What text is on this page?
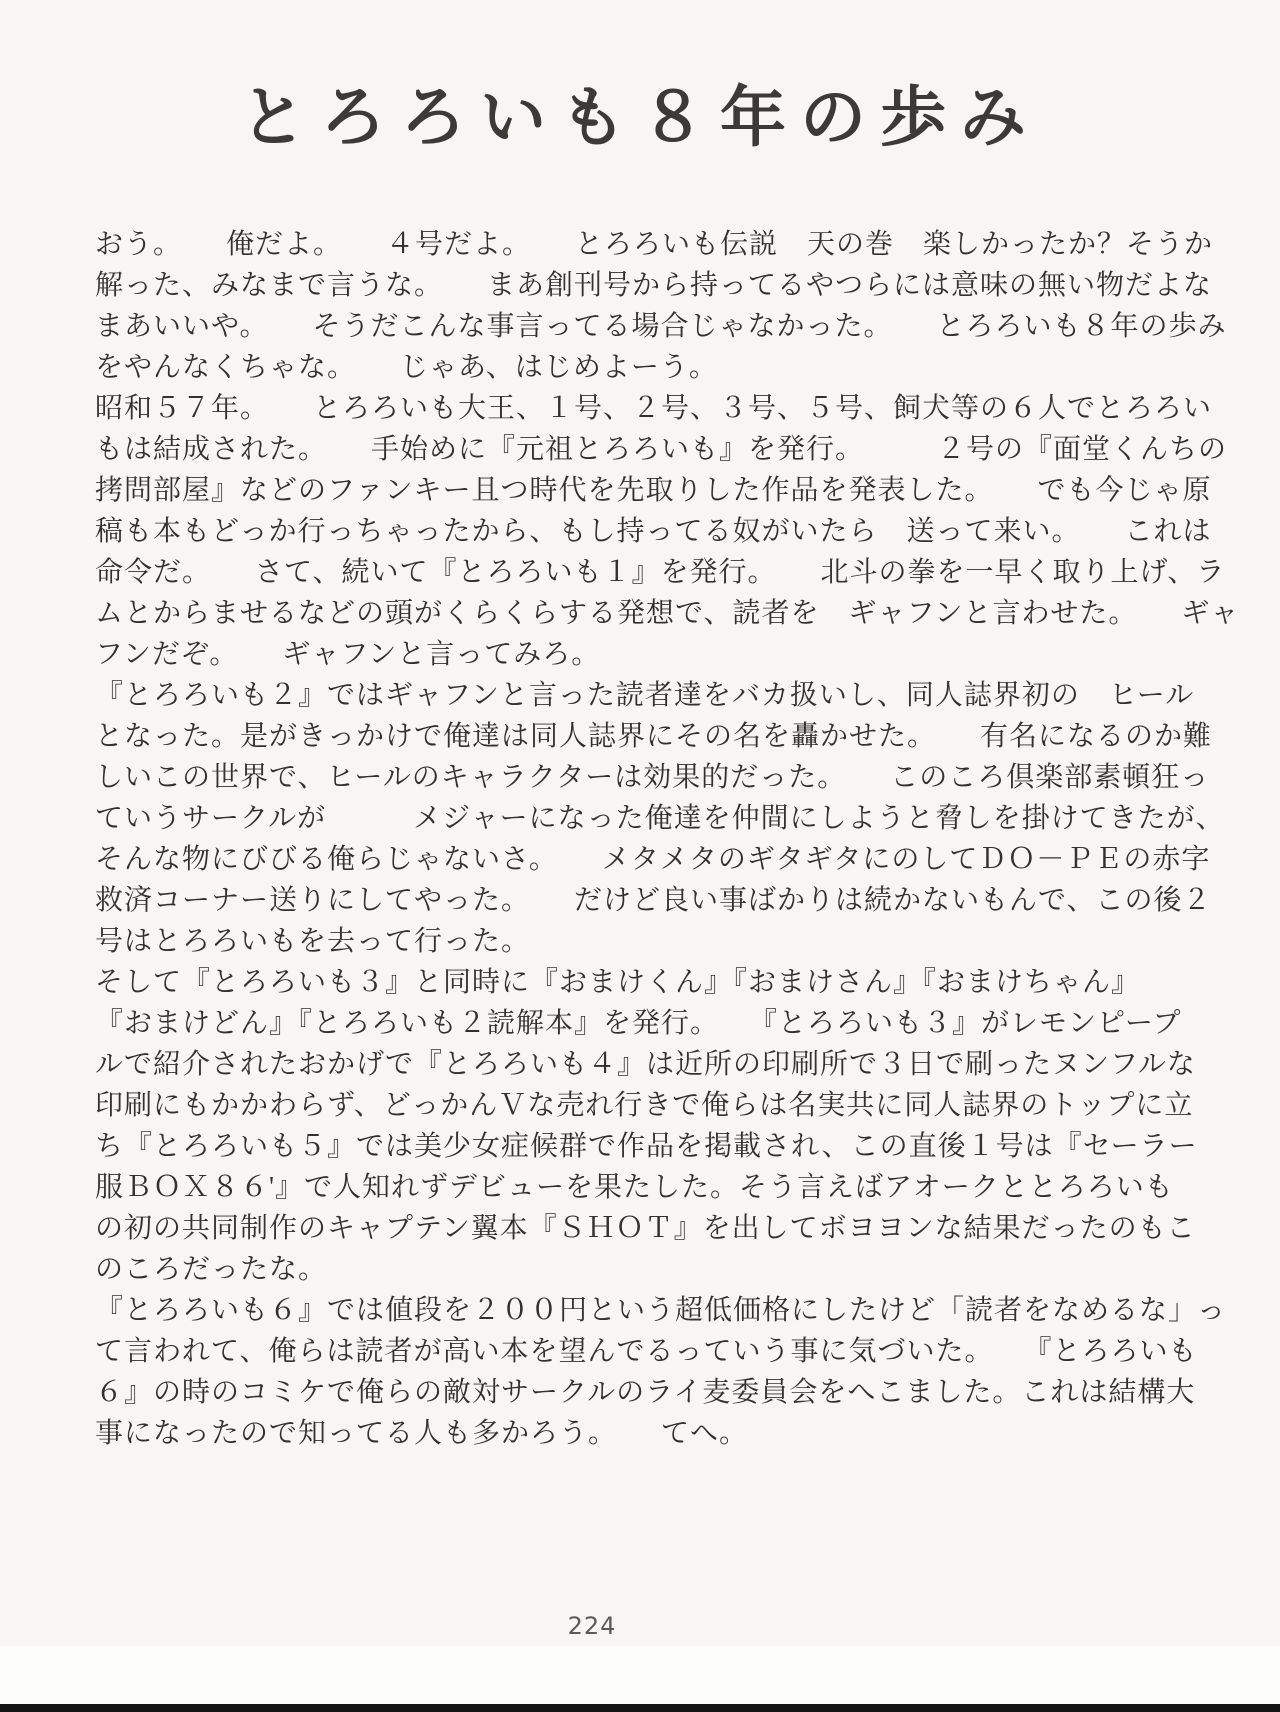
とろろいも８年の歩み
おう。　　俺だよ。　　４号だよ。　　とろろいも伝説　天の巻　楽しかったか？そうか
解った、みなまで言うな。　　まあ創刊号から持ってるやつらには意味の無い物だよな
まあいいや。　　そうだこんな事言ってる場合じゃなかった。　　とろろいも８年の歩み
をやんなくちゃな。　　じゃあ、はじめよーう。
昭和５７年。　　とろろいも大王、１号、２号、３号、５号、飼犬等の６人でとろろい
もは結成された。　　手始めに『元祖とろろいも』を発行。　　　２号の『面堂くんちの
拷問部屋』などのファンキー且つ時代を先取りした作品を発表した。　　でも今じゃ原
稿も本もどっか行っちゃったから、もし持ってる奴がいたら　送って来い。　　これは
命令だ。　　さて、続いて『とろろいも１』を発行。　　北斗の拳を一早く取り上げ、ラ
ムとからませるなどの頭がくらくらする発想で、読者を　ギャフンと言わせた。　　ギャ
フンだぞ。　　ギャフンと言ってみろ。
『とろろいも２』ではギャフンと言った読者達をバカ扱いし、同人誌界初の　ヒール
となった。是がきっかけで俺達は同人誌界にその名を轟かせた。　　有名になるのか難
しいこの世界で、ヒールのキャラクターは効果的だった。　　このころ倶楽部素頓狂っ
ていうサークルが　　　メジャーになった俺達を仲間にしようと脅しを掛けてきたが、
そんな物にびびる俺らじゃないさ。　　メタメタのギタギタにのしてＤＯ－ＰＥの赤字
救済コーナー送りにしてやった。　　だけど良い事ばかりは続かないもんで、この後２
号はとろろいもを去って行った。
そして『とろろいも３』と同時に『おまけくん』『おまけさん』『おまけちゃん』
『おまけどん』『とろろいも２読解本』を発行。　　『とろろいも３』がレモンピープ
ルで紹介されたおかげで『とろろいも４』は近所の印刷所で３日で刷ったヌンフルな
印刷にもかかわらず、どっかんＶな売れ行きで俺らは名実共に同人誌界のトップに立
ち『とろろいも５』では美少女症候群で作品を掲載され、この直後１号は『セーラー
服ＢＯＸ８６'』で人知れずデビューを果たした。そう言えばアオークととろろいも
の初の共同制作のキャプテン翼本『ＳＨＯＴ』を出してボヨヨンな結果だったのもこ
のころだったな。
『とろろいも６』では値段を２００円という超低価格にしたけど「読者をなめるな」っ
て言われて、俺らは読者が高い本を望んでるっていう事に気づいた。　　『とろろいも
６』の時のコミケで俺らの敵対サークルのライ麦委員会をへこました。これは結構大
事になったので知ってる人も多かろう。　　てへ。
224
